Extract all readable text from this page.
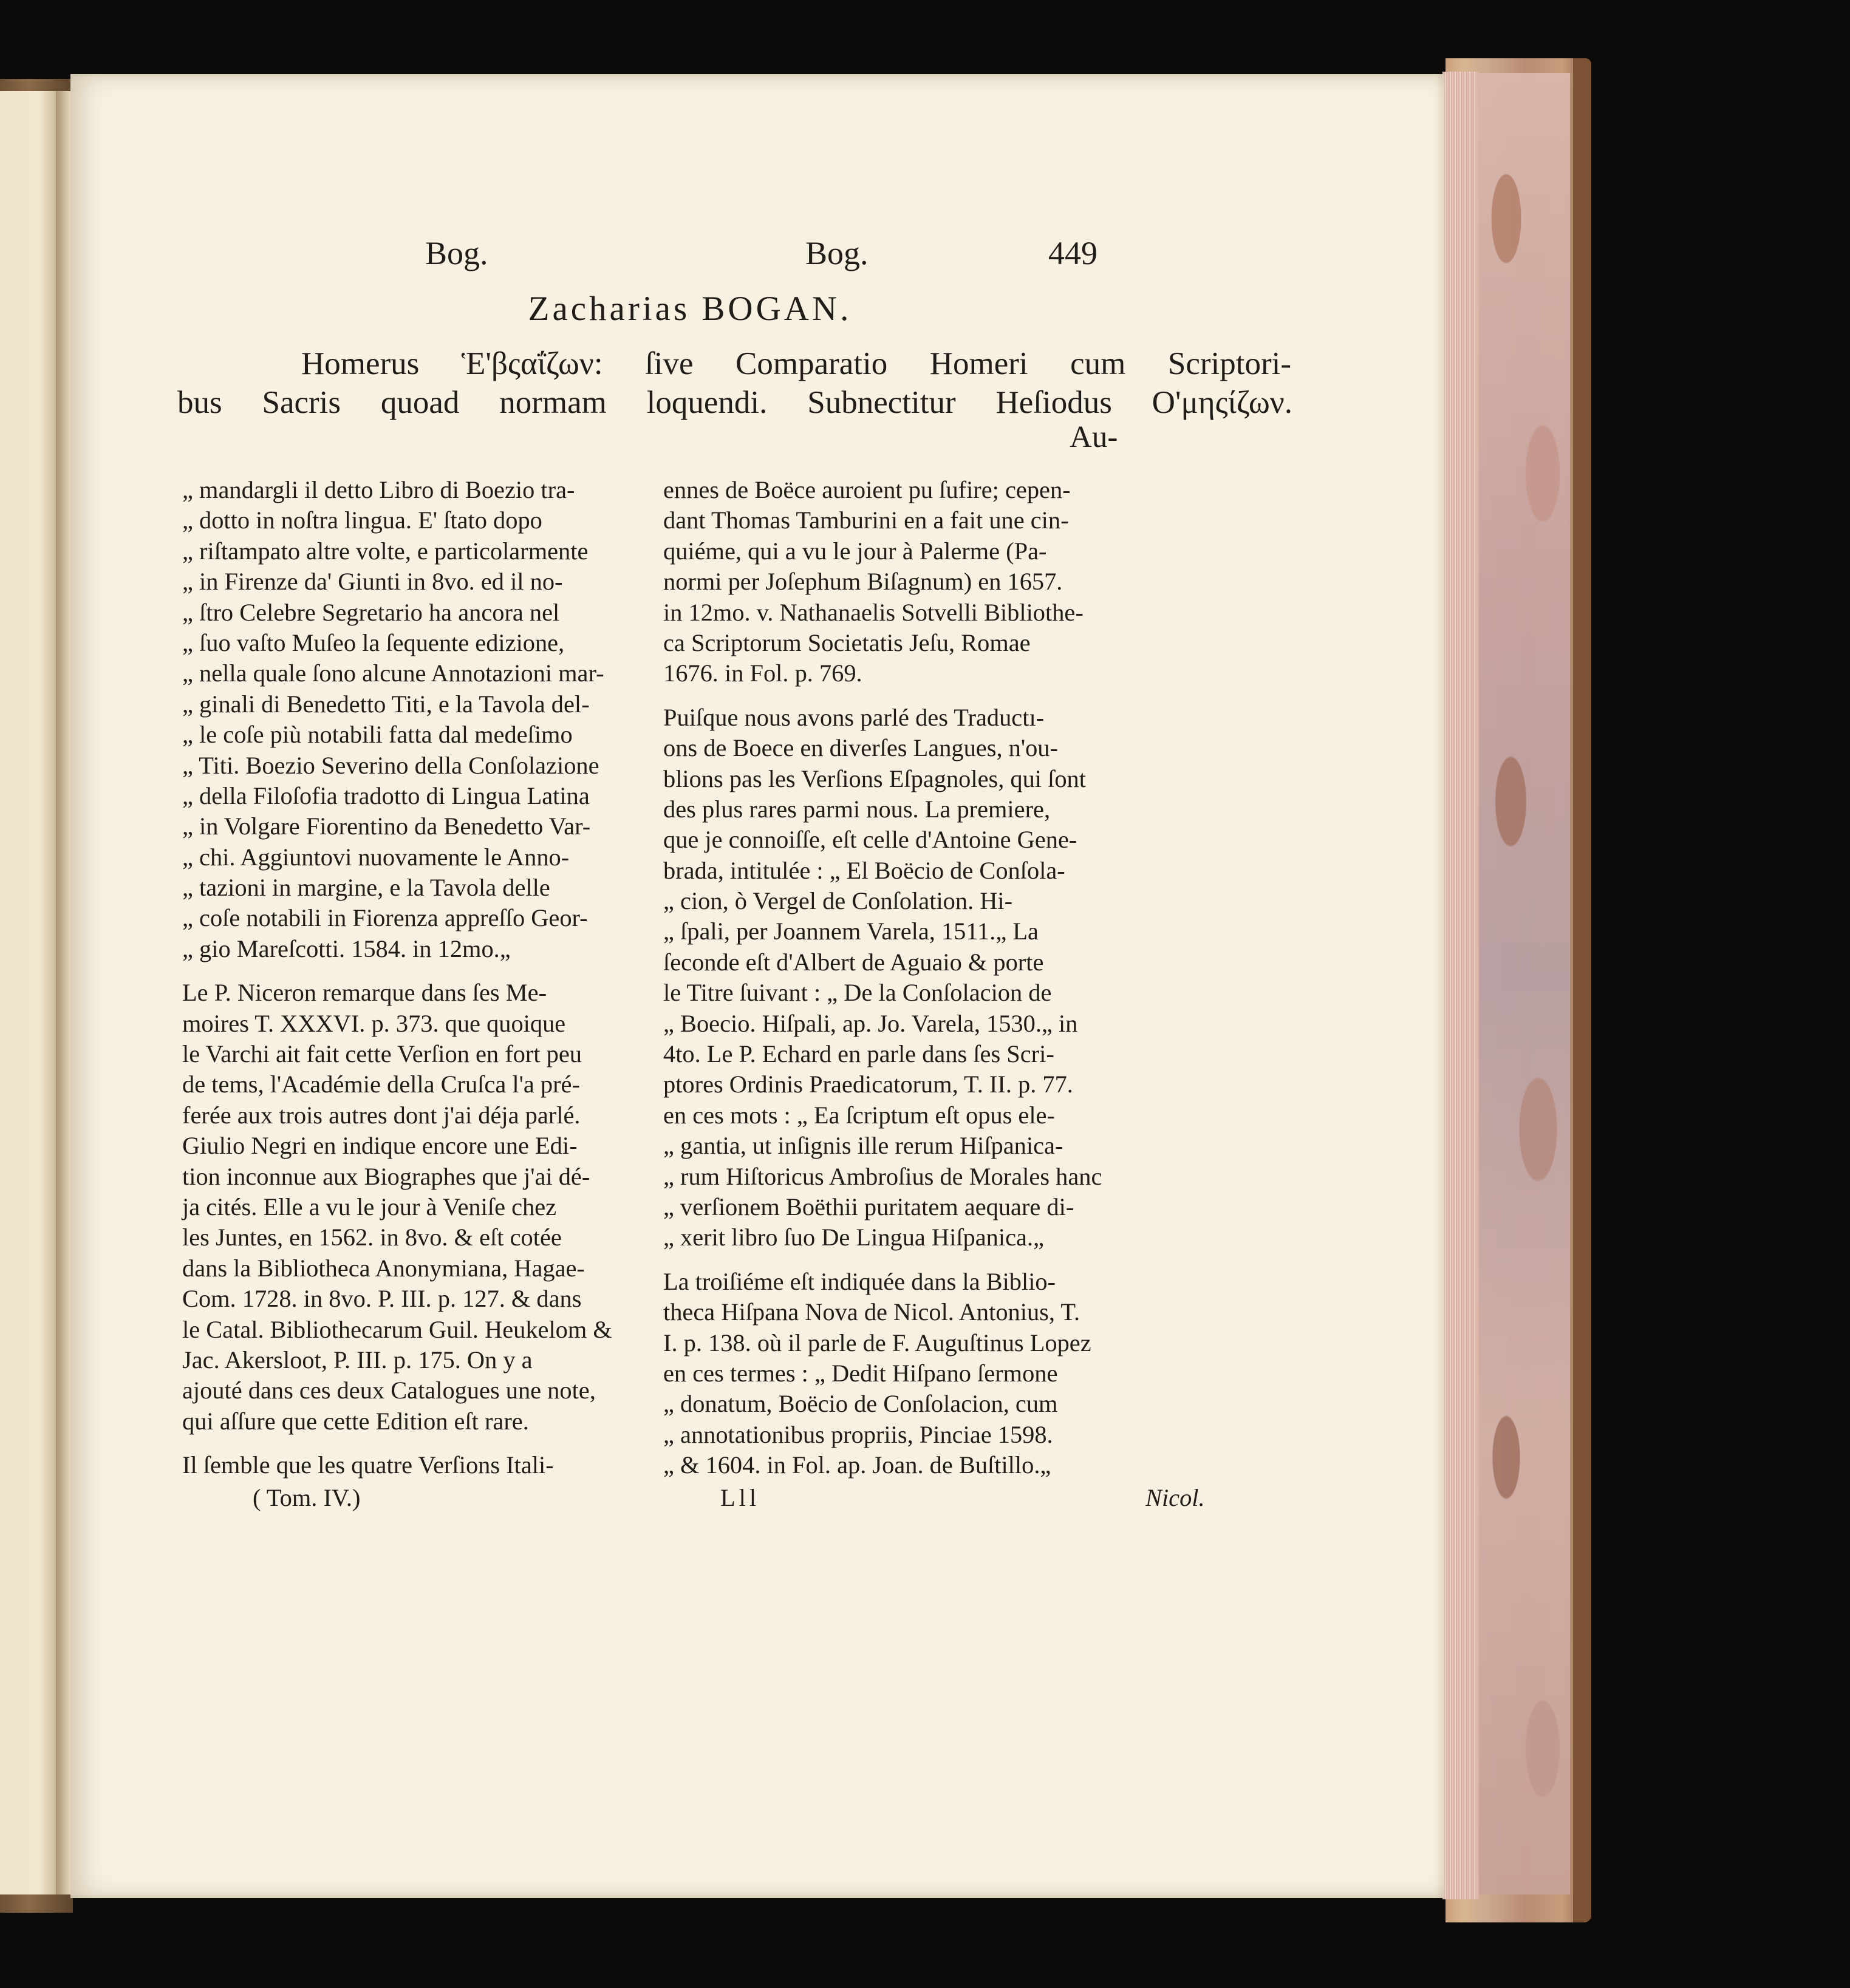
Bog.	Bog.	449
Zacharias BOGAN.
Homerus Ἑ'βςαΐζων: ſive Comparatio Homeri cum Scriptori-
bus Sacris quoad normam loquendi. Subnectitur Heſiodus Ο'μηςίζων.
Au-
„ mandargli il detto Libro di Boezio tra-
„ dotto in noſtra lingua. E' ſtato dopo
„ riſtampato altre volte, e particolarmente
„ in Firenze da' Giunti in 8vo. ed il no-
„ ſtro Celebre Segretario ha ancora nel
„ ſuo vaſto Muſeo la ſequente edizione,
„ nella quale ſono alcune Annotazioni mar-
„ ginali di Benedetto Titi, e la Tavola del-
„ le coſe più notabili fatta dal medeſimo
„ Titi. Boezio Severino della Conſolazione
„ della Filoſofia tradotto di Lingua Latina
„ in Volgare Fiorentino da Benedetto Var-
„ chi. Aggiuntovi nuovamente le Anno-
„ tazioni in margine, e la Tavola delle
„ coſe notabili in Fiorenza appreſſo Geor-
„ gio Mareſcotti. 1584. in 12mo.„
Le P. Niceron remarque dans ſes Me-
moires T. XXXVI. p. 373. que quoique
le Varchi ait fait cette Verſion en fort peu
de tems, l'Académie della Cruſca l'a pré-
ferée aux trois autres dont j'ai déja parlé.
Giulio Negri en indique encore une Edi-
tion inconnue aux Biographes que j'ai dé-
ja cités. Elle a vu le jour à Veniſe chez
les Juntes, en 1562. in 8vo. & eſt cotée
dans la Bibliotheca Anonymiana, Hagae-
Com. 1728. in 8vo. P. III. p. 127. & dans
le Catal. Bibliothecarum Guil. Heukelom &
Jac. Akersloot, P. III. p. 175. On y a
ajouté dans ces deux Catalogues une note,
qui aſſure que cette Edition eſt rare.
Il ſemble que les quatre Verſions Itali-
ennes de Boëce auroient pu ſufire; cepen-
dant Thomas Tamburini en a fait une cin-
quiéme, qui a vu le jour à Palerme (Pa-
normi per Joſephum Biſagnum) en 1657.
in 12mo. v. Nathanaelis Sotvelli Bibliothe-
ca Scriptorum Societatis Jeſu, Romae
1676. in Fol. p. 769.
Puiſque nous avons parlé des Traductı-
ons de Boece en diverſes Langues, n'ou-
blions pas les Verſions Eſpagnoles, qui ſont
des plus rares parmi nous. La premiere,
que je connoiſſe, eſt celle d'Antoine Gene-
brada, intitulée : „ El Boëcio de Conſola-
„ cion, ò Vergel de Conſolation. Hi-
„ ſpali, per Joannem Varela, 1511.„ La
ſeconde eſt d'Albert de Aguaio & porte
le Titre ſuivant : „ De la Conſolacion de
„ Boecio. Hiſpali, ap. Jo. Varela, 1530.„ in
4to. Le P. Echard en parle dans ſes Scri-
ptores Ordinis Praedicatorum, T. II. p. 77.
en ces mots : „ Ea ſcriptum eſt opus ele-
„ gantia, ut inſignis ille rerum Hiſpanica-
„ rum Hiſtoricus Ambroſius de Morales hanc
„ verſionem Boëthii puritatem aequare di-
„ xerit libro ſuo De Lingua Hiſpanica.„
La troiſiéme eſt indiquée dans la Biblio-
theca Hiſpana Nova de Nicol. Antonius, T.
I. p. 138. où il parle de F. Auguſtinus Lopez
en ces termes : „ Dedit Hiſpano ſermone
„ donatum, Boëcio de Conſolacion, cum
„ annotationibus propriis, Pinciae 1598.
„ & 1604. in Fol. ap. Joan. de Buſtillo.„
( Tom. IV.)	Lll	Nicol.
